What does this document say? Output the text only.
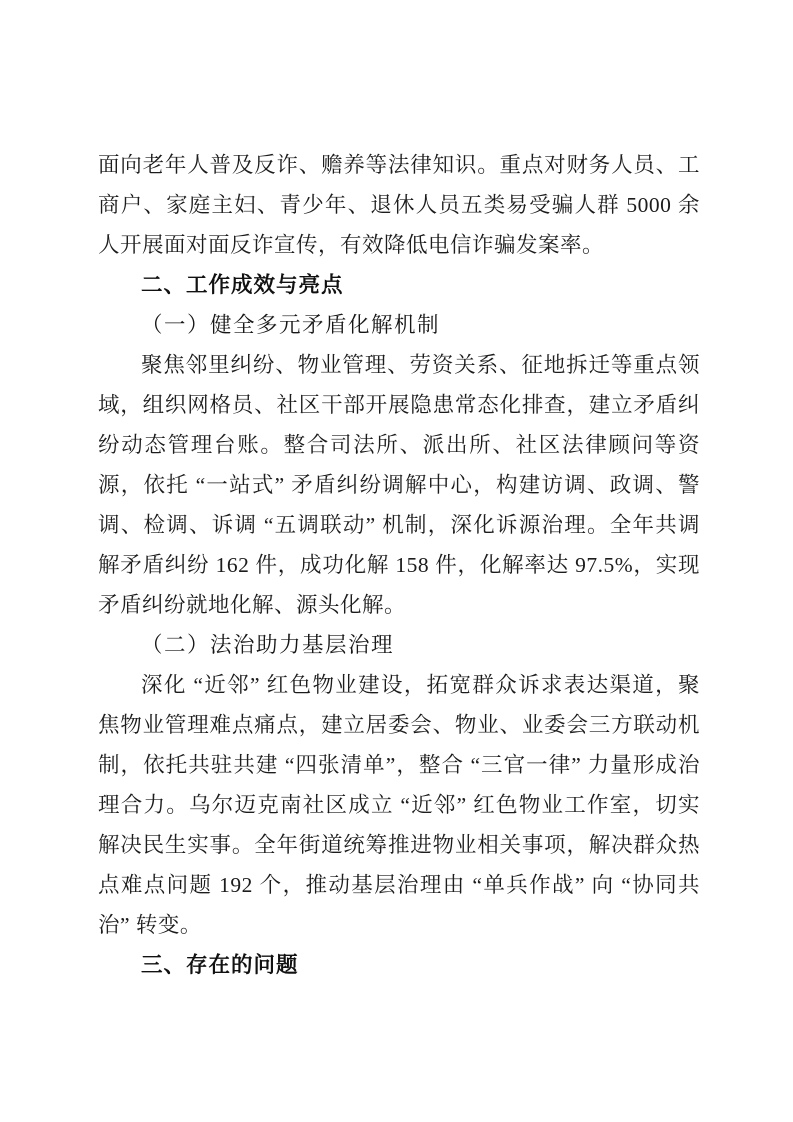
面向老年人普及反诈、赡养等法律知识。重点对财务人员、工商户、家庭主妇、青少年、退休人员五类易受骗人群 5000 余人开展面对面反诈宣传，有效降低电信诈骗发案率。

二、工作成效与亮点

（一）健全多元矛盾化解机制

聚焦邻里纠纷、物业管理、劳资关系、征地拆迁等重点领域，组织网格员、社区干部开展隐患常态化排查，建立矛盾纠纷动态管理台账。整合司法所、派出所、社区法律顾问等资源，依托 “一站式” 矛盾纠纷调解中心，构建访调、政调、警调、检调、诉调 “五调联动” 机制，深化诉源治理。全年共调解矛盾纠纷 162 件，成功化解 158 件，化解率达 97.5%，实现矛盾纠纷就地化解、源头化解。

（二）法治助力基层治理

深化 “近邻” 红色物业建设，拓宽群众诉求表达渠道，聚焦物业管理难点痛点，建立居委会、物业、业委会三方联动机制，依托共驻共建 “四张清单”，整合 “三官一律” 力量形成治理合力。乌尔迈克南社区成立 “近邻” 红色物业工作室，切实解决民生实事。全年街道统筹推进物业相关事项，解决群众热点难点问题 192 个，推动基层治理由 “单兵作战” 向 “协同共治” 转变。

三、存在的问题
